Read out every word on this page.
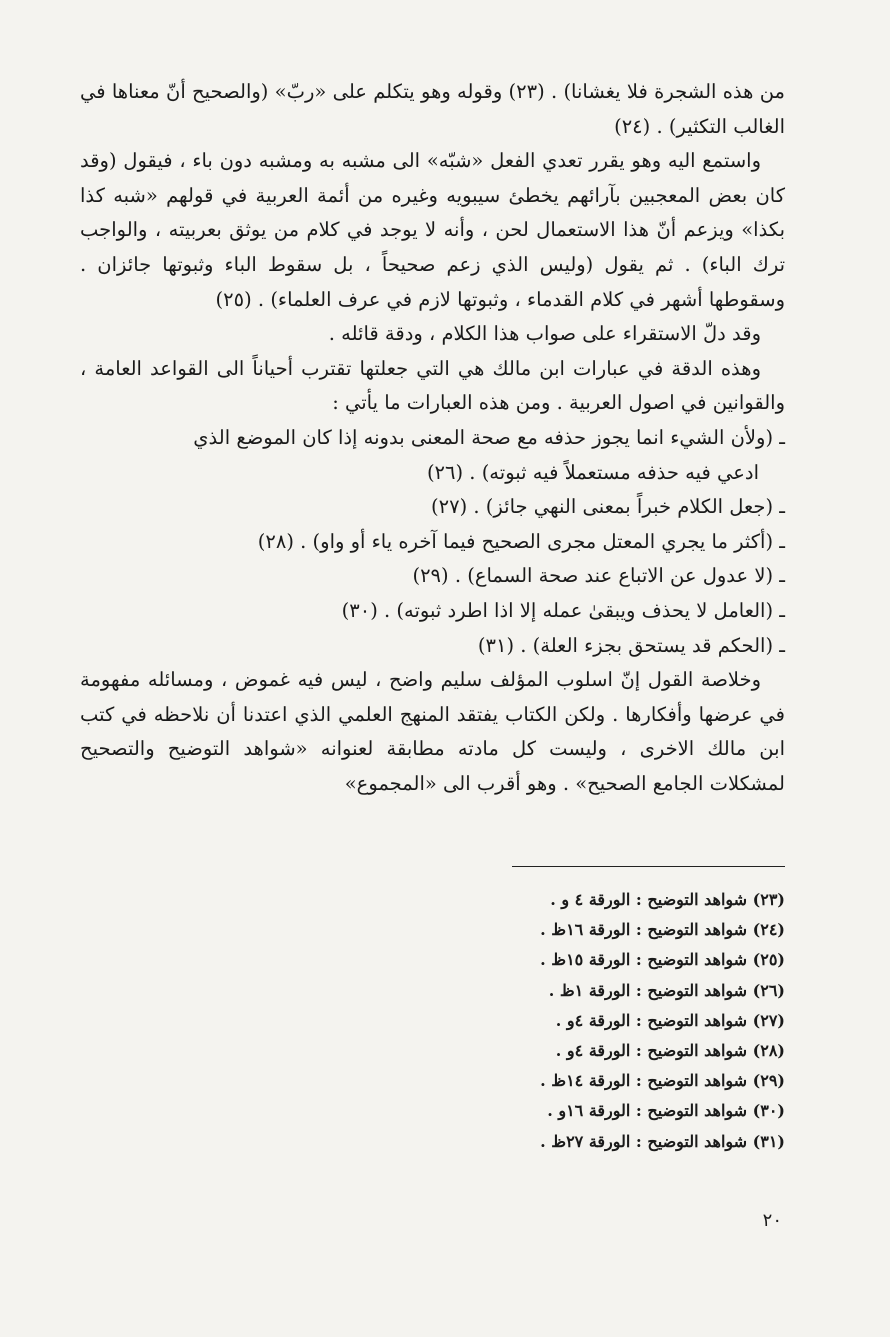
من هذه الشجرة فلا يغشانا) . (٢٣) وقوله وهو يتكلم على «ربّ» (والصحيح أنّ معناها في الغالب التكثير) . (٢٤)

واستمع اليه وهو يقرر تعدي الفعل «شبّه» الى مشبه به ومشبه دون باء ، فيقول (وقد كان بعض المعجبين بآرائهم يخطئ سيبويه وغيره من أئمة العربية في قولهم «شبه كذا بكذا» ويزعم أنّ هذا الاستعمال لحن ، وأنه لا يوجد في كلام من يوثق بعربيته ، والواجب ترك الباء) . ثم يقول (وليس الذي زعم صحيحاً ، بل سقوط الباء وثبوتها جائزان . وسقوطها أشهر في كلام القدماء ، وثبوتها لازم في عرف العلماء) . (٢٥)

وقد دلّ الاستقراء على صواب هذا الكلام ، ودقة قائله .

وهذه الدقة في عبارات ابن مالك هي التي جعلتها تقترب أحياناً الى القواعد العامة ، والقوانين في اصول العربية . ومن هذه العبارات ما يأتي :

ـ (ولأن الشيء انما يجوز حذفه مع صحة المعنى بدونه إذا كان الموضع الذي
ادعي فيه حذفه مستعملاً فيه ثبوته) . (٢٦)
ـ (جعل الكلام خبراً بمعنى النهي جائز) . (٢٧)
ـ (أكثر ما يجري المعتل مجرى الصحيح فيما آخره ياء أو واو) . (٢٨)
ـ (لا عدول عن الاتباع عند صحة السماع) . (٢٩)
ـ (العامل لا يحذف ويبقىٰ عمله إلا اذا اطرد ثبوته) . (٣٠)
ـ (الحكم قد يستحق بجزء العلة) . (٣١)

وخلاصة القول إنّ اسلوب المؤلف سليم واضح ، ليس فيه غموض ، ومسائله مفهومة في عرضها وأفكارها . ولكن الكتاب يفتقد المنهج العلمي الذي اعتدنا أن نلاحظه في كتب ابن مالك الاخرى ، وليست كل مادته مطابقة لعنوانه «شواهد التوضيح والتصحيح لمشكلات الجامع الصحيح» . وهو أقرب الى «المجموع»

(٢٣) شواهد التوضيح : الورقة ٤ و .
(٢٤) شواهد التوضيح : الورقة ١٦ظ .
(٢٥) شواهد التوضيح : الورقة ١٥ظ .
(٢٦) شواهد التوضيح : الورقة ١ظ .
(٢٧) شواهد التوضيح : الورقة ٤و .
(٢٨) شواهد التوضيح : الورقة ٤و .
(٢٩) شواهد التوضيح : الورقة ١٤ظ .
(٣٠) شواهد التوضيح : الورقة ١٦و .
(٣١) شواهد التوضيح : الورقة ٢٧ظ .
٢٠
